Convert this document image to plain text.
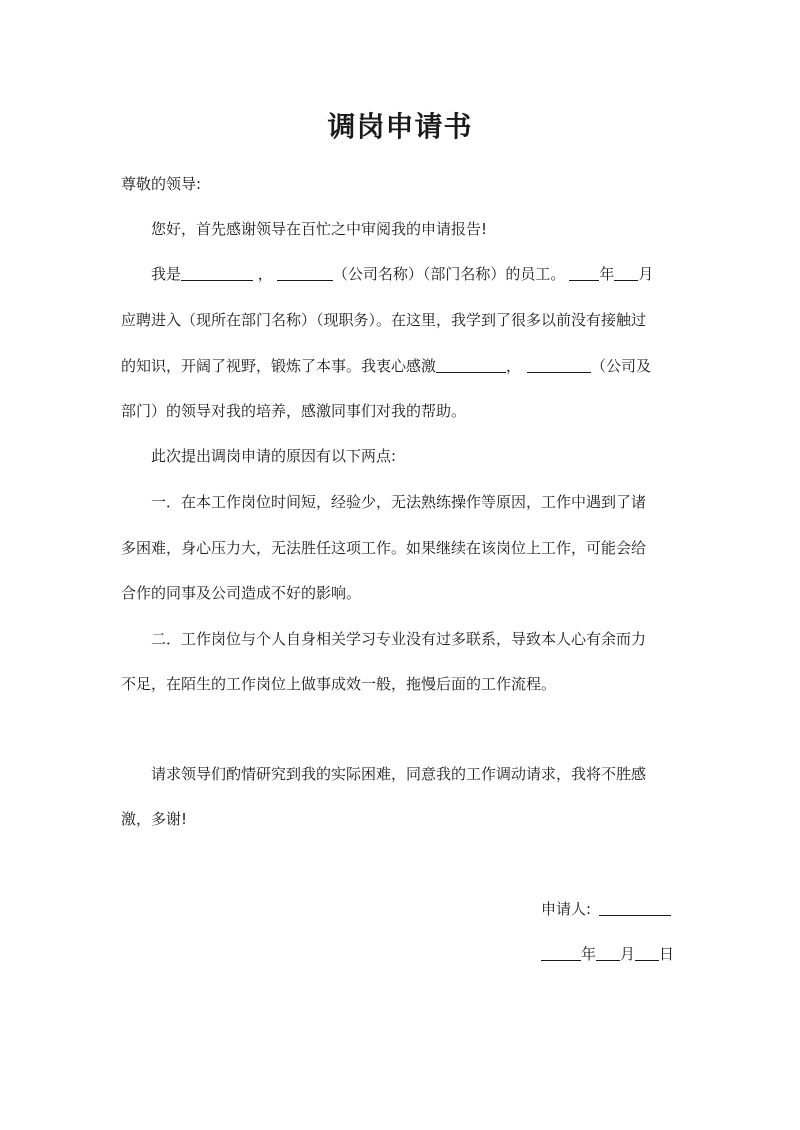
调岗申请书
尊敬的领导:
您好，首先感谢领导在百忙之中审阅我的申请报告!
我是	，	（公司名称）（部门名称）的员工。 年 月
应聘进入（现所在部门名称）（现职务）。在这里，我学到了很多以前没有接触过
的知识，开阔了视野，锻炼了本事。我衷心感激	，	（公司及
部门）的领导对我的培养，感激同事们对我的帮助。
此次提出调岗申请的原因有以下两点:
一．在本工作岗位时间短，经验少，无法熟练操作等原因，工作中遇到了诸
多困难，身心压力大，无法胜任这项工作。如果继续在该岗位上工作，可能会给
合作的同事及公司造成不好的影响。
二．工作岗位与个人自身相关学习专业没有过多联系，导致本人心有余而力
不足，在陌生的工作岗位上做事成效一般，拖慢后面的工作流程。
请求领导们酌情研究到我的实际困难，同意我的工作调动请求，我将不胜感
激，多谢!
申请人:
年 月 日
